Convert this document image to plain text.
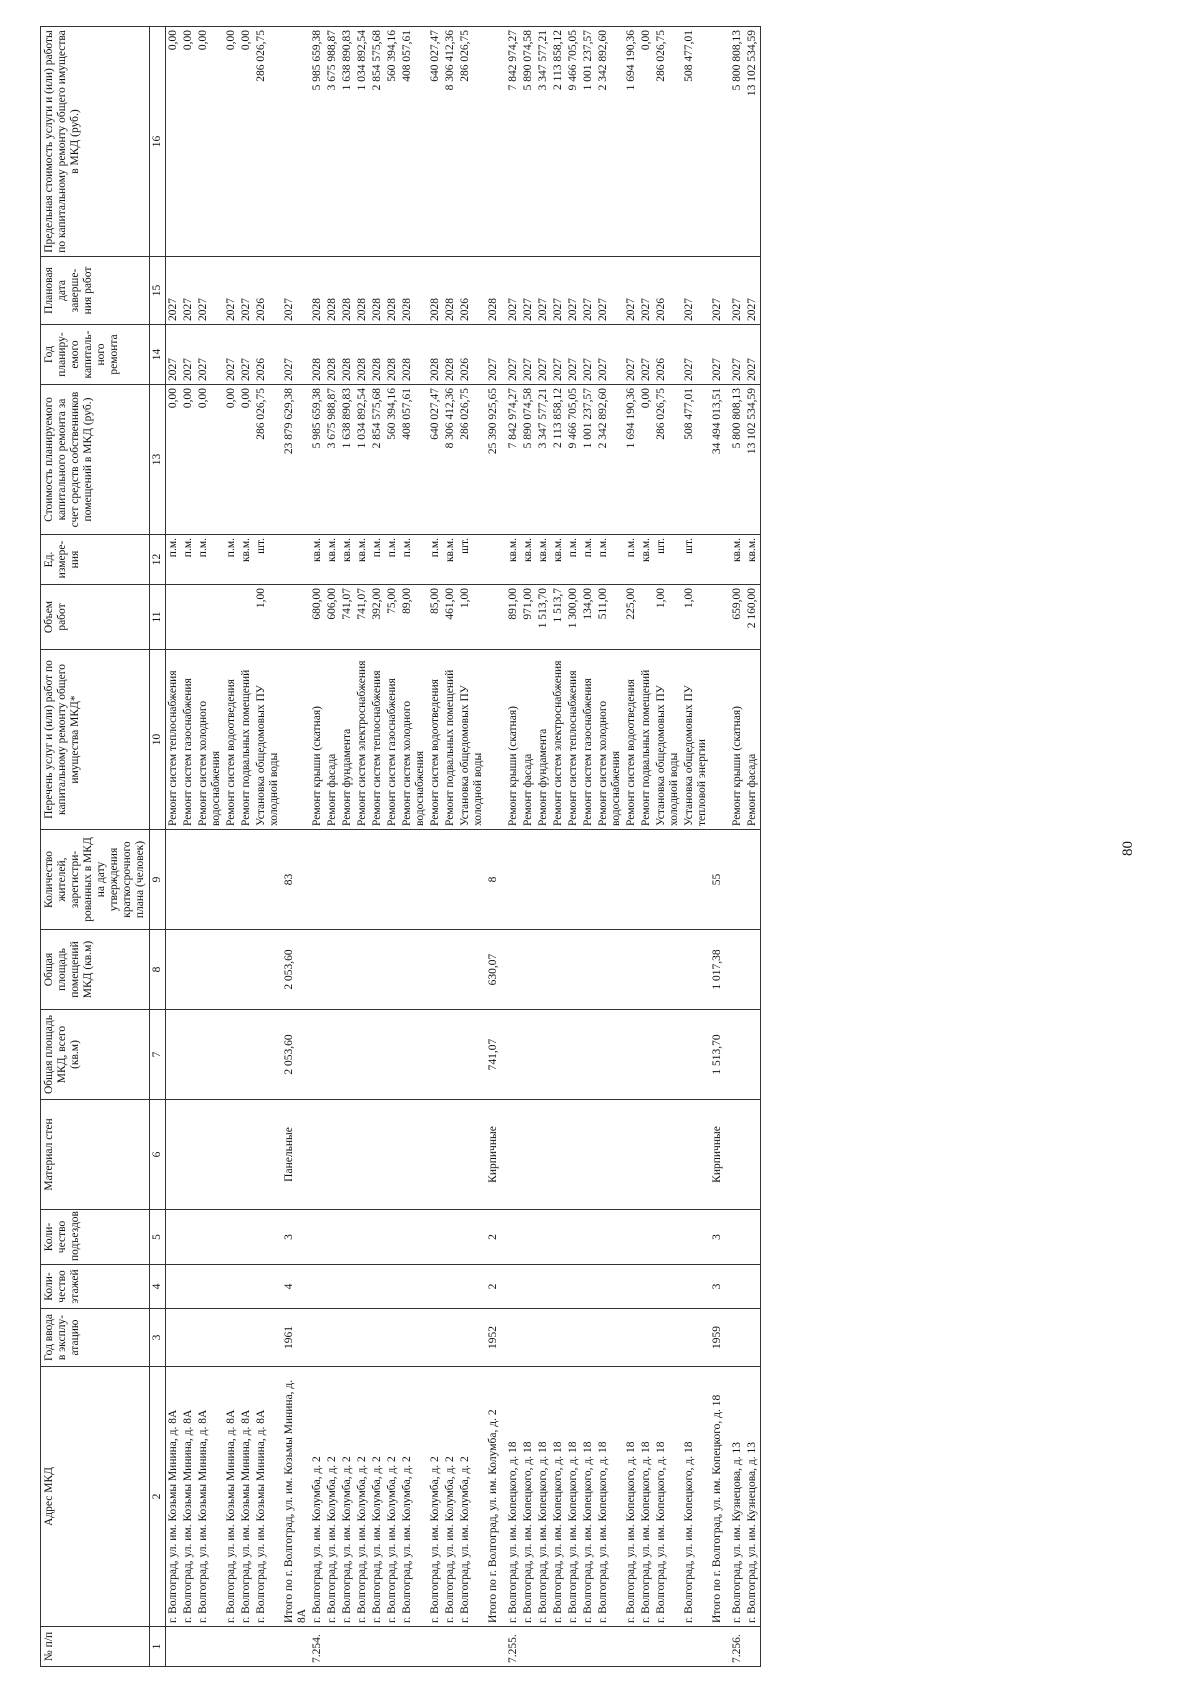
80
№ п/п	Адрес МКД	Год ввода в эксплу-атацию	Коли-чество этажей	Коли-чество подъездов	Материал стен	Общая площадь МКД, всего (кв.м)	Общая площадь помещений МКД (кв.м)	Количество жителей, зарегистри-рованных в МКД на дату утверждения краткосрочного плана (человек)	Перечень услуг и (или) работ по капитальному ремонту общего имущества МКД*	Объем работ	Ед. измере-ния	Стоимость планируемого капитального ремонта за счет средств собственников помещений в МКД (руб.)	Год планиру-емого капиталь-ного ремонта	Плановая дата заверше-ния работ	Предельная стоимость услуги и (или) работы по капитальному ремонту общего имущества в МКД (руб.)
1	2	3	4	5	6	7	8	9	10	11	12	13	14	15	16
	г. Волгоград, ул. им. Козьмы Минина, д. 8А								Ремонт систем теплоснабжения		п.м.	0,00	2027	2027	0,00
	г. Волгоград, ул. им. Козьмы Минина, д. 8А								Ремонт систем газоснабжения		п.м.	0,00	2027	2027	0,00
	г. Волгоград, ул. им. Козьмы Минина, д. 8А								Ремонт систем холодного водоснабжения		п.м.	0,00	2027	2027	0,00
	г. Волгоград, ул. им. Козьмы Минина, д. 8А								Ремонт систем водоотведения		п.м.	0,00	2027	2027	0,00
	г. Волгоград, ул. им. Козьмы Минина, д. 8А								Ремонт подвальных помещений		кв.м.	0,00	2027	2027	0,00
	г. Волгоград, ул. им. Козьмы Минина, д. 8А								Установка общедомовых ПУ холодной воды	1,00	шт.	286 026,75	2026	2026	286 026,75
	Итого по г. Волгоград, ул. им. Козьмы Минина, д. 8А	1961	4	3	Панельные	2 053,60	2 053,60	83				23 879 629,38	2027	2027	
7.254.	г. Волгоград, ул. им. Колумба, д. 2								Ремонт крыши (скатная)	680,00	кв.м.	5 985 659,38	2028	2028	5 985 659,38
	г. Волгоград, ул. им. Колумба, д. 2								Ремонт фасада	606,00	кв.м.	3 675 988,87	2028	2028	3 675 988,87
	г. Волгоград, ул. им. Колумба, д. 2								Ремонт фундамента	741,07	кв.м.	1 638 890,83	2028	2028	1 638 890,83
	г. Волгоград, ул. им. Колумба, д. 2								Ремонт систем электроснабжения	741,07	кв.м.	1 034 892,54	2028	2028	1 034 892,54
	г. Волгоград, ул. им. Колумба, д. 2								Ремонт систем теплоснабжения	392,00	п.м.	2 854 575,68	2028	2028	2 854 575,68
	г. Волгоград, ул. им. Колумба, д. 2								Ремонт систем газоснабжения	75,00	п.м.	560 394,16	2028	2028	560 394,16
	г. Волгоград, ул. им. Колумба, д. 2								Ремонт систем холодного водоснабжения	89,00	п.м.	408 057,61	2028	2028	408 057,61
	г. Волгоград, ул. им. Колумба, д. 2								Ремонт систем водоотведения	85,00	п.м.	640 027,47	2028	2028	640 027,47
	г. Волгоград, ул. им. Колумба, д. 2								Ремонт подвальных помещений	461,00	кв.м.	8 306 412,36	2028	2028	8 306 412,36
	г. Волгоград, ул. им. Колумба, д. 2								Установка общедомовых ПУ холодной воды	1,00	шт.	286 026,75	2026	2026	286 026,75
	Итого по г. Волгоград, ул. им. Колумба, д. 2	1952	2	2	Кирпичные	741,07	630,07	8				25 390 925,65	2027	2028	
7.255.	г. Волгоград, ул. им. Копецкого, д. 18								Ремонт крыши (скатная)	891,00	кв.м.	7 842 974,27	2027	2027	7 842 974,27
	г. Волгоград, ул. им. Копецкого, д. 18								Ремонт фасада	971,00	кв.м.	5 890 074,58	2027	2027	5 890 074,58
	г. Волгоград, ул. им. Копецкого, д. 18								Ремонт фундамента	1 513,70	кв.м.	3 347 577,21	2027	2027	3 347 577,21
	г. Волгоград, ул. им. Копецкого, д. 18								Ремонт систем электроснабжения	1 513,7	кв.м.	2 113 858,12	2027	2027	2 113 858,12
	г. Волгоград, ул. им. Копецкого, д. 18								Ремонт систем теплоснабжения	1 300,00	п.м.	9 466 705,05	2027	2027	9 466 705,05
	г. Волгоград, ул. им. Копецкого, д. 18								Ремонт систем газоснабжения	134,00	п.м.	1 001 237,57	2027	2027	1 001 237,57
	г. Волгоград, ул. им. Копецкого, д. 18								Ремонт систем холодного водоснабжения	511,00	п.м.	2 342 892,60	2027	2027	2 342 892,60
	г. Волгоград, ул. им. Копецкого, д. 18								Ремонт систем водоотведения	225,00	п.м.	1 694 190,36	2027	2027	1 694 190,36
	г. Волгоград, ул. им. Копецкого, д. 18								Ремонт подвальных помещений		кв.м.	0,00	2027	2027	0,00
	г. Волгоград, ул. им. Копецкого, д. 18								Установка общедомовых ПУ холодной воды	1,00	шт.	286 026,75	2026	2026	286 026,75
	г. Волгоград, ул. им. Копецкого, д. 18								Установка общедомовых ПУ тепловой энергии	1,00	шт.	508 477,01	2027	2027	508 477,01
	Итого по г. Волгоград, ул. им. Копецкого, д. 18	1959	3	3	Кирпичные	1 513,70	1 017,38	55				34 494 013,51	2027	2027	
7.256.	г. Волгоград, ул. им. Кузнецова, д. 13								Ремонт крыши (скатная)	659,00	кв.м.	5 800 808,13	2027	2027	5 800 808,13
	г. Волгоград, ул. им. Кузнецова, д. 13								Ремонт фасада	2 160,00	кв.м.	13 102 534,59	2027	2027	13 102 534,59
